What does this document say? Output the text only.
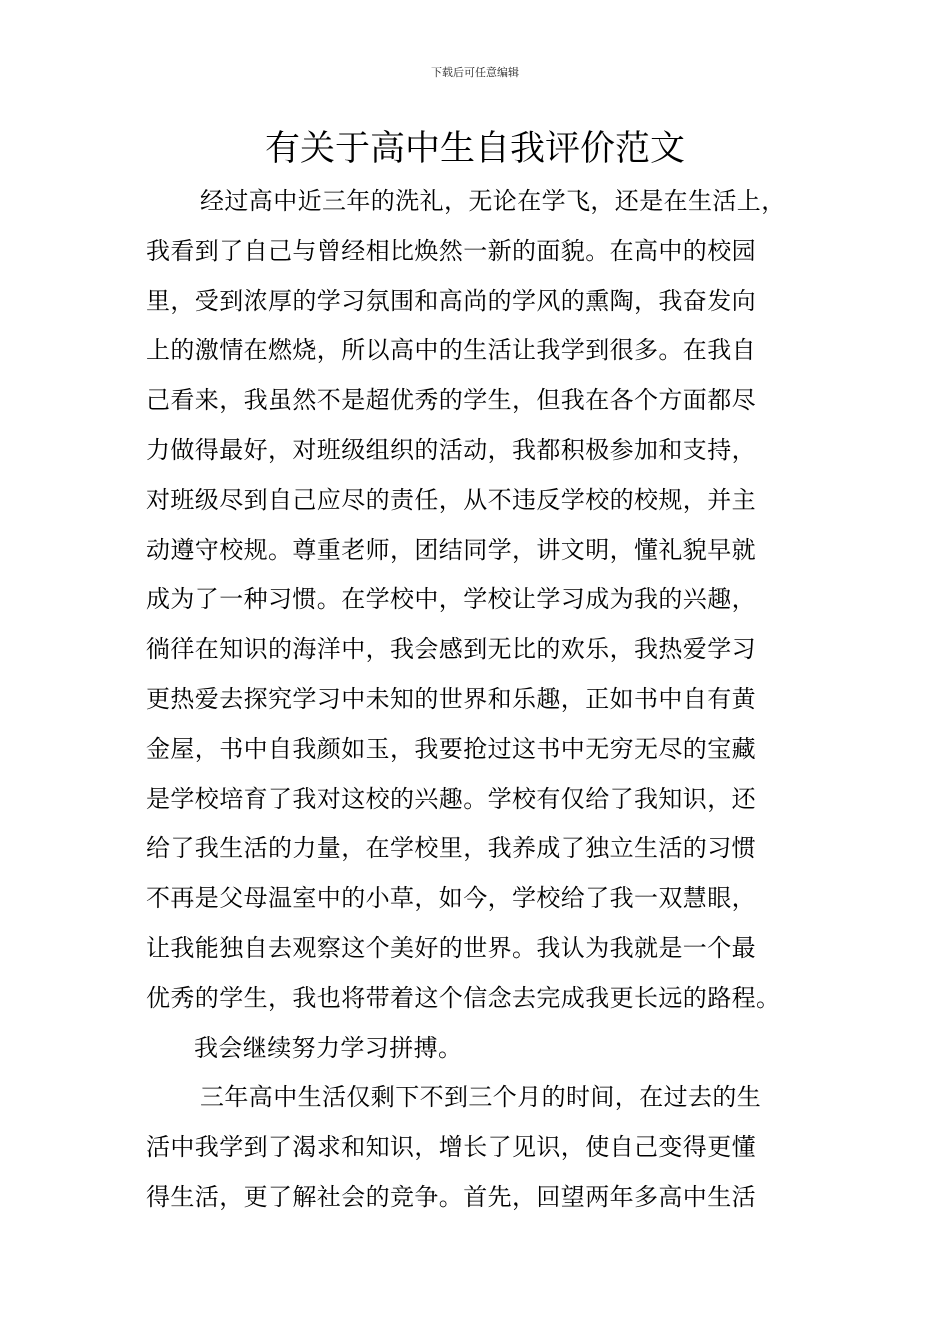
下载后可任意编辑
有关于高中生自我评价范文
经过高中近三年的洗礼，无论在学飞，还是在生活上，
我看到了自己与曾经相比焕然一新的面貌。在高中的校园
里，受到浓厚的学习氛围和高尚的学风的熏陶，我奋发向
上的激情在燃烧，所以高中的生活让我学到很多。在我自
己看来，我虽然不是超优秀的学生，但我在各个方面都尽
力做得最好，对班级组织的活动，我都积极参加和支持，
对班级尽到自己应尽的责任，从不违反学校的校规，并主
动遵守校规。尊重老师，团结同学，讲文明，懂礼貌早就
成为了一种习惯。在学校中，学校让学习成为我的兴趣，
徜徉在知识的海洋中，我会感到无比的欢乐，我热爱学习
更热爱去探究学习中未知的世界和乐趣，正如书中自有黄
金屋，书中自我颜如玉，我要抢过这书中无穷无尽的宝藏
是学校培育了我对这校的兴趣。学校有仅给了我知识，还
给了我生活的力量，在学校里，我养成了独立生活的习惯
不再是父母温室中的小草，如今，学校给了我一双慧眼，
让我能独自去观察这个美好的世界。我认为我就是一个最
优秀的学生，我也将带着这个信念去完成我更长远的路程。
我会继续努力学习拼搏。
三年高中生活仅剩下不到三个月的时间，在过去的生
活中我学到了渴求和知识，增长了见识，使自己变得更懂
得生活，更了解社会的竞争。首先，回望两年多高中生活
